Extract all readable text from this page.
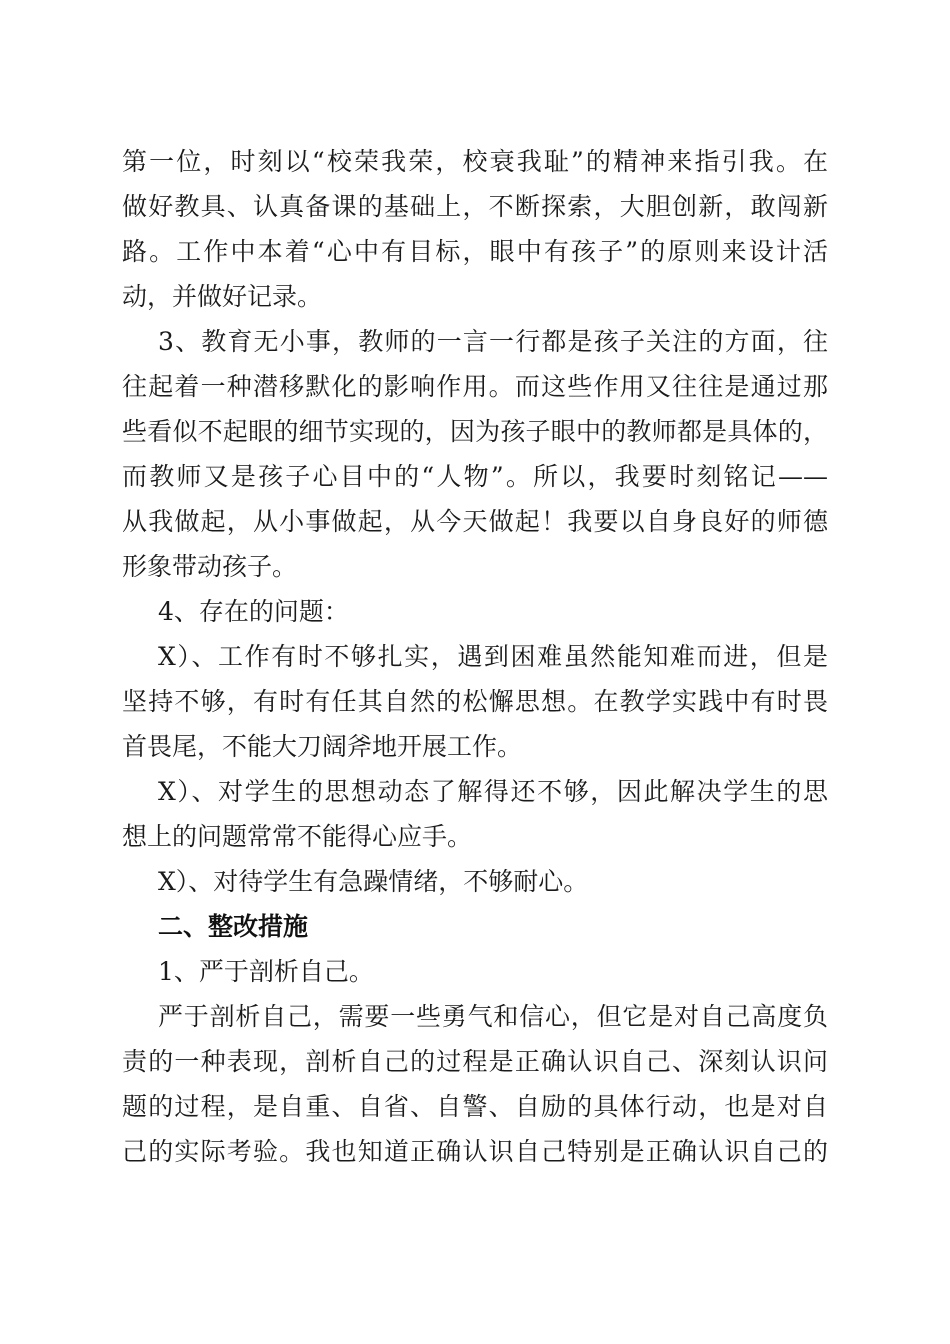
第一位，时刻以“校荣我荣，校衰我耻”的精神来指引我。在
做好教具、认真备课的基础上，不断探索，大胆创新，敢闯新
路。工作中本着“心中有目标，眼中有孩子”的原则来设计活
动，并做好记录。
3、教育无小事，教师的一言一行都是孩子关注的方面，往
往起着一种潜移默化的影响作用。而这些作用又往往是通过那
些看似不起眼的细节实现的，因为孩子眼中的教师都是具体的，
而教师又是孩子心目中的“人物”。所以，我要时刻铭记——
从我做起，从小事做起，从今天做起！我要以自身良好的师德
形象带动孩子。
4、存在的问题：
X）、工作有时不够扎实，遇到困难虽然能知难而进，但是
坚持不够，有时有任其自然的松懈思想。在教学实践中有时畏
首畏尾，不能大刀阔斧地开展工作。
X）、对学生的思想动态了解得还不够，因此解决学生的思
想上的问题常常不能得心应手。
X）、对待学生有急躁情绪，不够耐心。
二、整改措施
1、严于剖析自己。
严于剖析自己，需要一些勇气和信心，但它是对自己高度负
责的一种表现，剖析自己的过程是正确认识自己、深刻认识问
题的过程，是自重、自省、自警、自励的具体行动，也是对自
己的实际考验。我也知道正确认识自己特别是正确认识自己的
